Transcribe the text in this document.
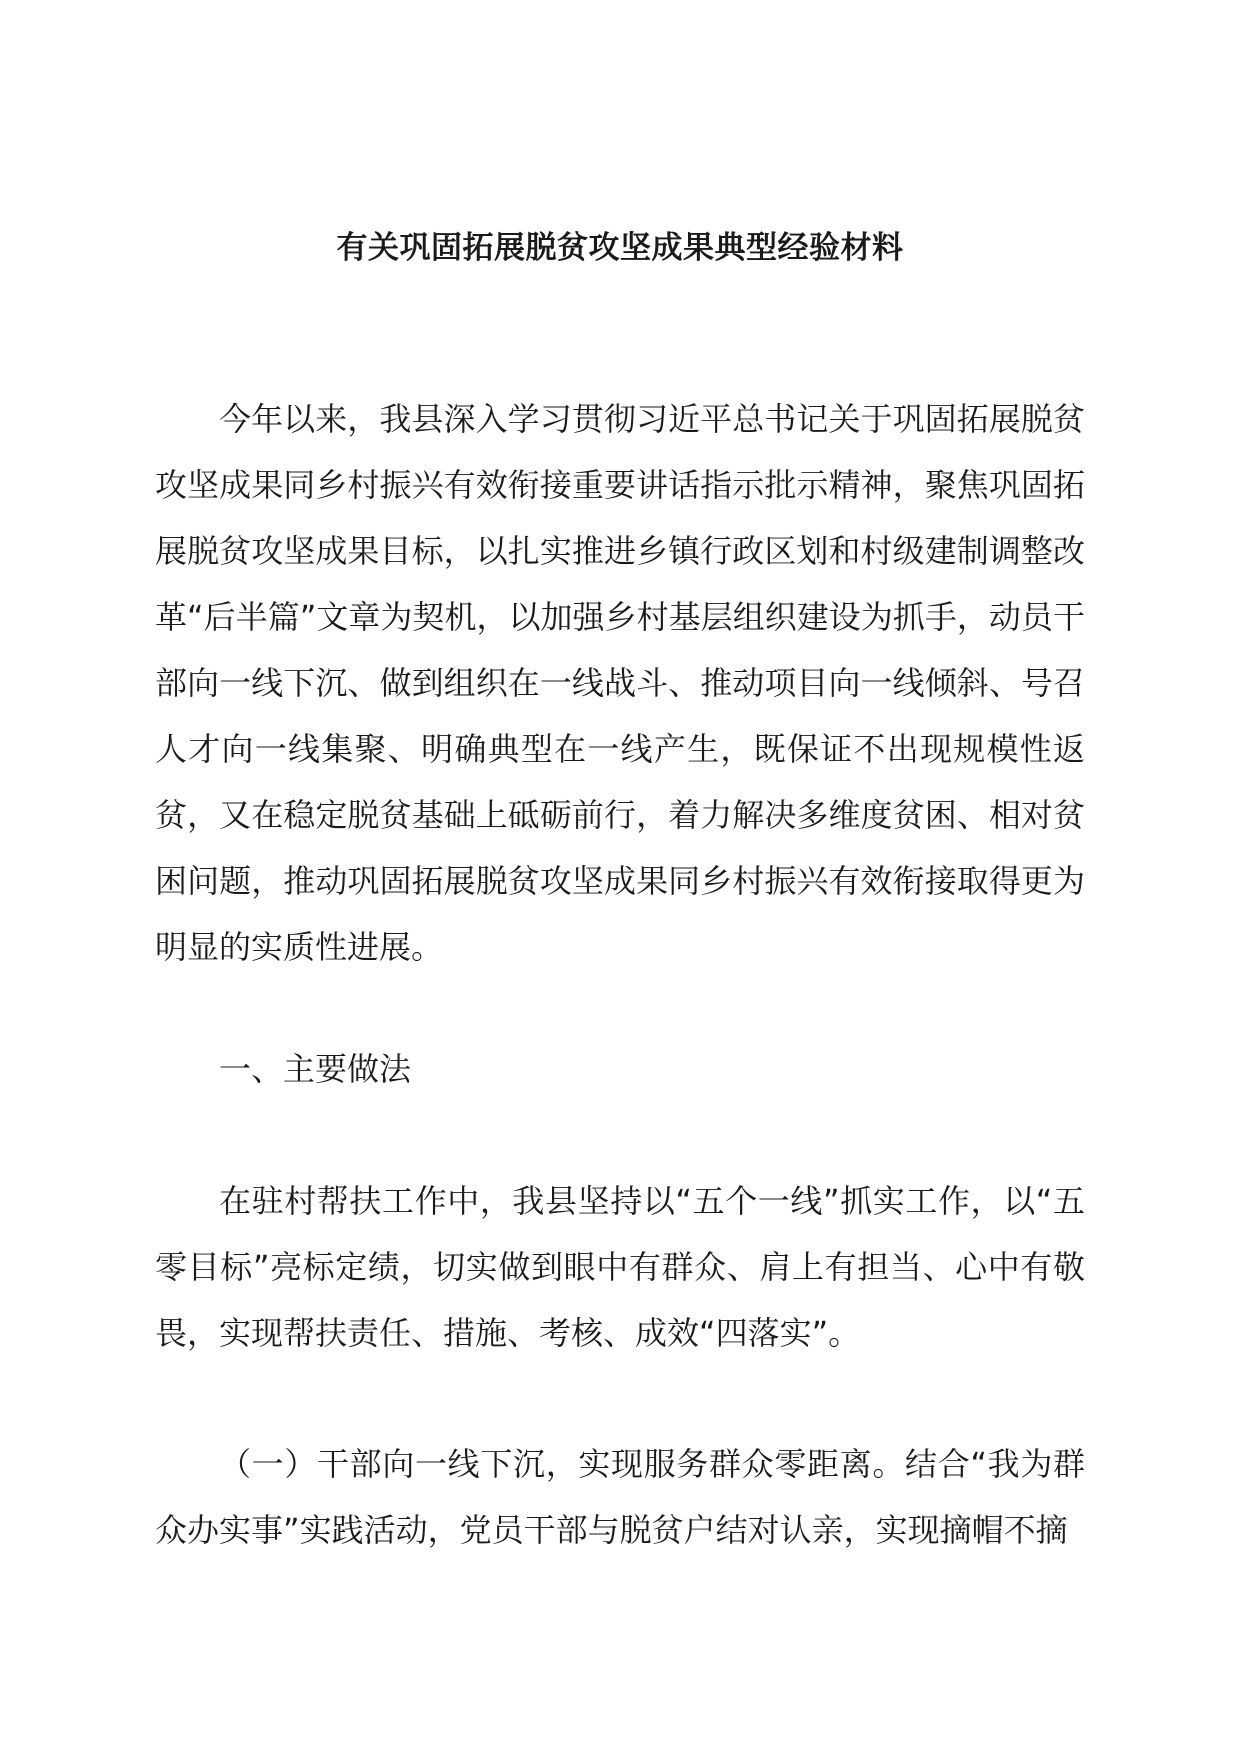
有关巩固拓展脱贫攻坚成果典型经验材料

今年以来，我县深入学习贯彻习近平总书记关于巩固拓展脱贫攻坚成果同乡村振兴有效衔接重要讲话指示批示精神，聚焦巩固拓展脱贫攻坚成果目标，以扎实推进乡镇行政区划和村级建制调整改革“后半篇”文章为契机，以加强乡村基层组织建设为抓手，动员干部向一线下沉、做到组织在一线战斗、推动项目向一线倾斜、号召人才向一线集聚、明确典型在一线产生，既保证不出现规模性返贫，又在稳定脱贫基础上砥砺前行，着力解决多维度贫困、相对贫困问题，推动巩固拓展脱贫攻坚成果同乡村振兴有效衔接取得更为明显的实质性进展。

一、主要做法

在驻村帮扶工作中，我县坚持以“五个一线”抓实工作，以“五零目标”亮标定绩，切实做到眼中有群众、肩上有担当、心中有敬畏，实现帮扶责任、措施、考核、成效“四落实”。

（一）干部向一线下沉，实现服务群众零距离。结合“我为群众办实事”实践活动，党员干部与脱贫户结对认亲，实现摘帽不摘
